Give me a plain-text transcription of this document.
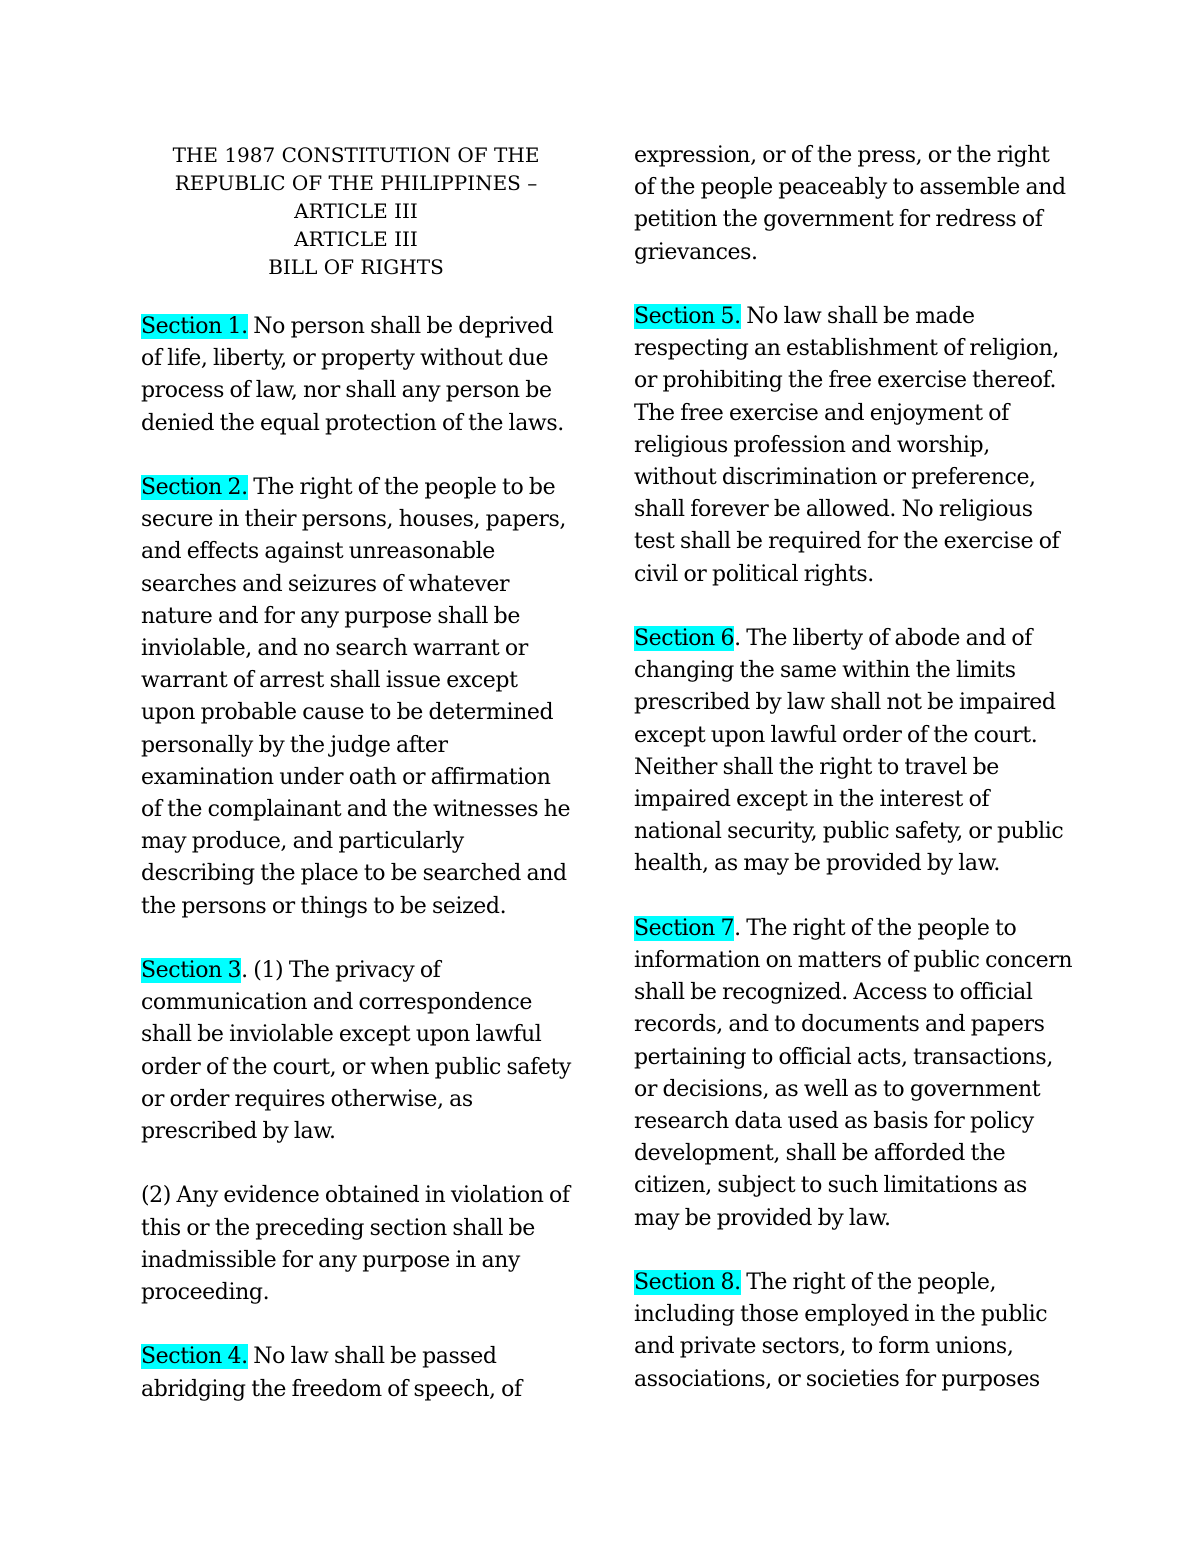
THE 1987 CONSTITUTION OF THE
REPUBLIC OF THE PHILIPPINES –
ARTICLE III
ARTICLE III
BILL OF RIGHTS

Section 1. No person shall be deprived of life, liberty, or property without due process of law, nor shall any person be denied the equal protection of the laws.

Section 2. The right of the people to be secure in their persons, houses, papers, and effects against unreasonable searches and seizures of whatever nature and for any purpose shall be inviolable, and no search warrant or warrant of arrest shall issue except upon probable cause to be determined personally by the judge after examination under oath or affirmation of the complainant and the witnesses he may produce, and particularly describing the place to be searched and the persons or things to be seized.

Section 3. (1) The privacy of communication and correspondence shall be inviolable except upon lawful order of the court, or when public safety or order requires otherwise, as prescribed by law.

(2) Any evidence obtained in violation of this or the preceding section shall be inadmissible for any purpose in any proceeding.

Section 4. No law shall be passed abridging the freedom of speech, of

expression, or of the press, or the right of the people peaceably to assemble and petition the government for redress of grievances.

Section 5. No law shall be made respecting an establishment of religion, or prohibiting the free exercise thereof. The free exercise and enjoyment of religious profession and worship, without discrimination or preference, shall forever be allowed. No religious test shall be required for the exercise of civil or political rights.

Section 6. The liberty of abode and of changing the same within the limits prescribed by law shall not be impaired except upon lawful order of the court. Neither shall the right to travel be impaired except in the interest of national security, public safety, or public health, as may be provided by law.

Section 7. The right of the people to information on matters of public concern shall be recognized. Access to official records, and to documents and papers pertaining to official acts, transactions, or decisions, as well as to government research data used as basis for policy development, shall be afforded the citizen, subject to such limitations as may be provided by law.

Section 8. The right of the people, including those employed in the public and private sectors, to form unions, associations, or societies for purposes
